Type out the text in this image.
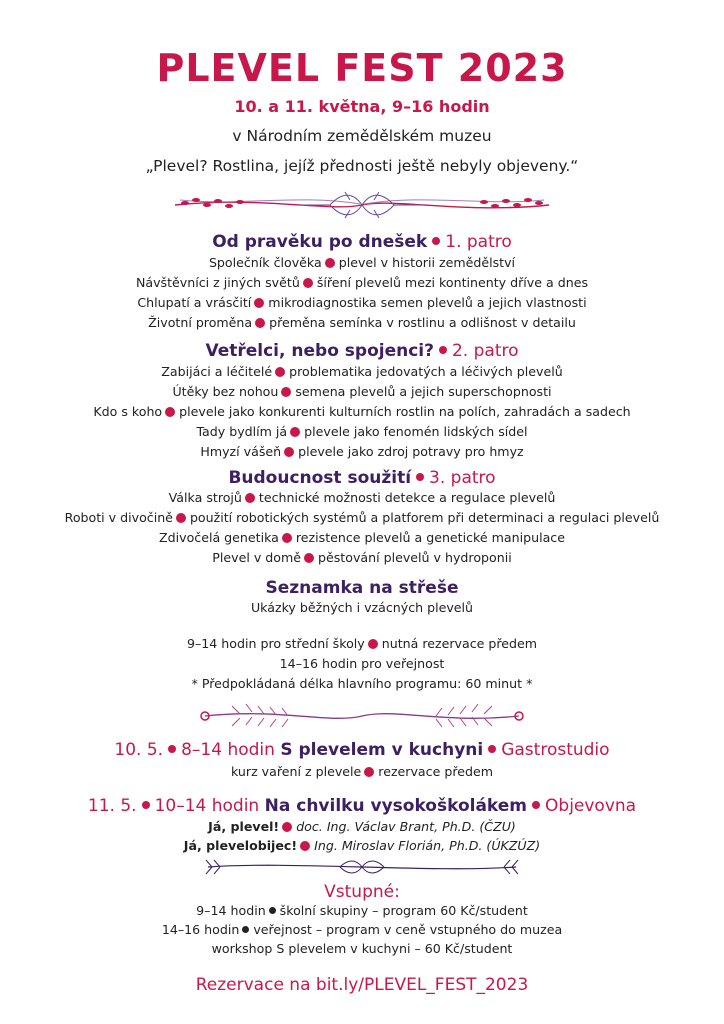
PLEVEL FEST 2023
10. a 11. května, 9–16 hodin
v Národním zemědělském muzeu
„Plevel? Rostlina, jejíž přednosti ještě nebyly objeveny.“
Od pravěku po dnešek 1. patro
Společník člověka plevel v historii zemědělství
Návštěvníci z jiných světů šíření plevelů mezi kontinenty dříve a dnes
Chlupatí a vrásčití mikrodiagnostika semen plevelů a jejich vlastnosti
Životní proměna přeměna semínka v rostlinu a odlišnost v detailu
Vetřelci, nebo spojenci? 2. patro
Zabijáci a léčitelé problematika jedovatých a léčivých plevelů
Útěky bez nohou semena plevelů a jejich superschopnosti
Kdo s koho plevele jako konkurenti kulturních rostlin na polích, zahradách a sadech
Tady bydlím já plevele jako fenomén lidských sídel
Hmyzí vášeň plevele jako zdroj potravy pro hmyz
Budoucnost soužití 3. patro
Válka strojů technické možnosti detekce a regulace plevelů
Roboti v divočině použití robotických systémů a platforem při determinaci a regulaci plevelů
Zdivočelá genetika rezistence plevelů a genetické manipulace
Plevel v domě pěstování plevelů v hydroponii
Seznamka na střeše
Ukázky běžných i vzácných plevelů
9–14 hodin pro střední školy nutná rezervace předem
14–16 hodin pro veřejnost
* Předpokládaná délka hlavního programu: 60 minut *
10. 5. 8–14 hodin S plevelem v kuchyni Gastrostudio
kurz vaření z plevele rezervace předem
11. 5. 10–14 hodin Na chvilku vysokoškolákem Objevovna
Já, plevel! doc. Ing. Václav Brant, Ph.D. (ČZU)
Já, plevelobijec! Ing. Miroslav Florián, Ph.D. (ÚKZÚZ)
Vstupné:
9–14 hodin školní skupiny – program 60 Kč/student
14–16 hodin veřejnost – program v ceně vstupného do muzea
workshop S plevelem v kuchyni – 60 Kč/student
Rezervace na bit.ly/PLEVEL_FEST_2023
